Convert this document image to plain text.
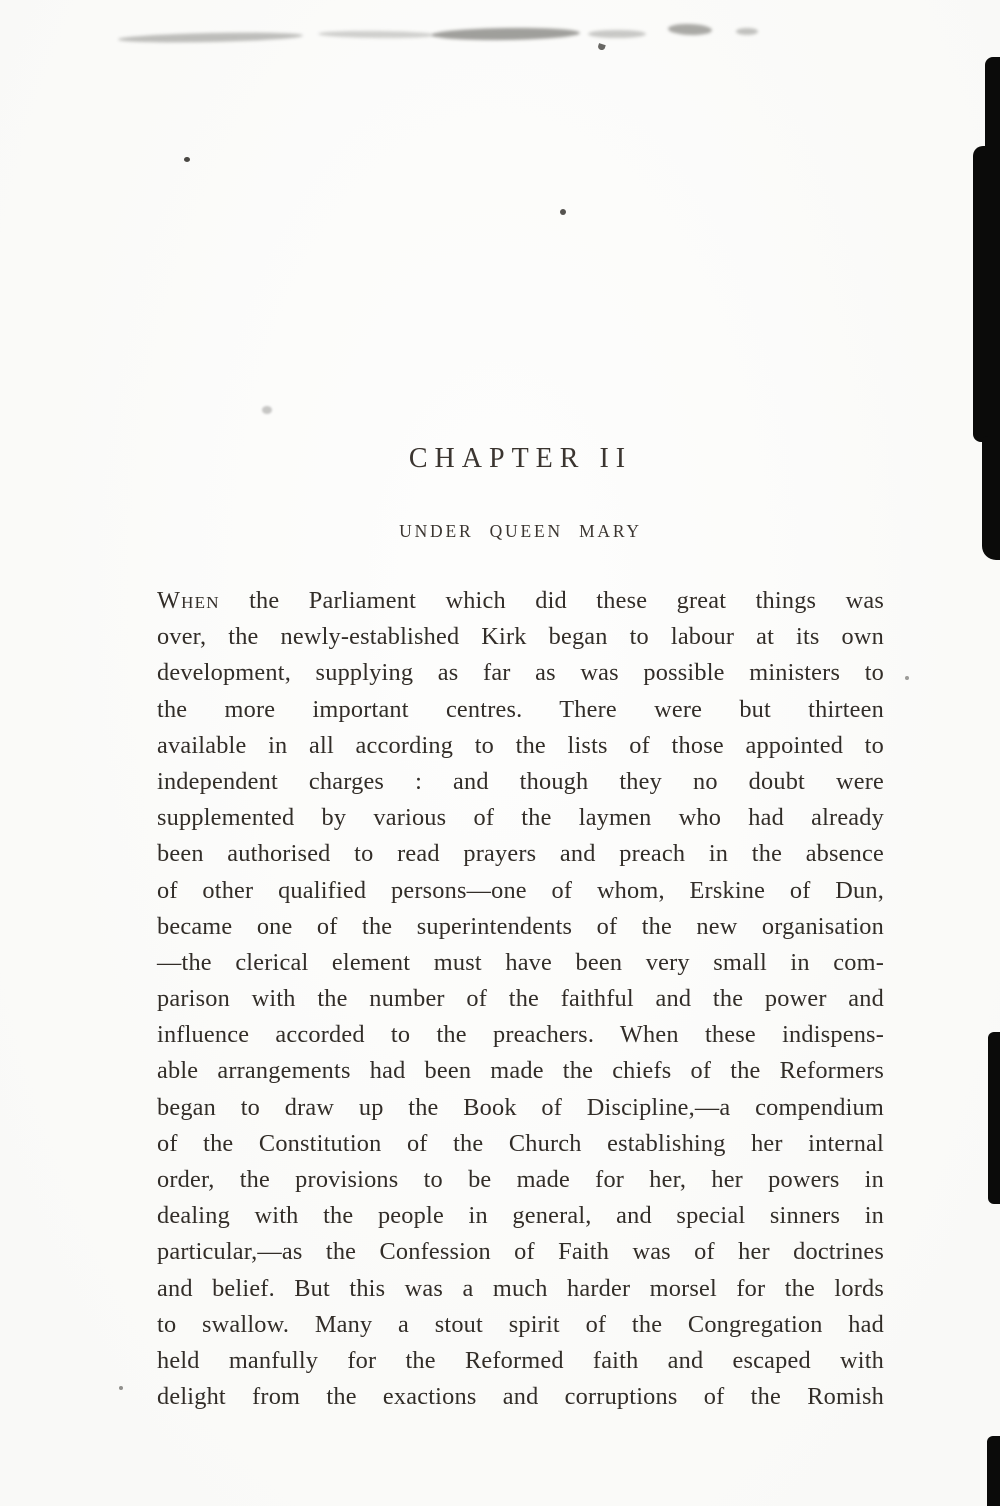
CHAPTER II
UNDER QUEEN MARY
When the Parliament which did these great things was
over, the newly-established Kirk began to labour at its own
development, supplying as far as was possible ministers to
the more important centres. There were but thirteen
available in all according to the lists of those appointed to
independent charges : and though they no doubt were
supplemented by various of the laymen who had already
been authorised to read prayers and preach in the absence
of other qualified persons—one of whom, Erskine of Dun,
became one of the superintendents of the new organisation
—the clerical element must have been very small in com-
parison with the number of the faithful and the power and
influence accorded to the preachers. When these indispens-
able arrangements had been made the chiefs of the Reformers
began to draw up the Book of Discipline,—a compendium
of the Constitution of the Church establishing her internal
order, the provisions to be made for her, her powers in
dealing with the people in general, and special sinners in
particular,—as the Confession of Faith was of her doctrines
and belief. But this was a much harder morsel for the lords
to swallow. Many a stout spirit of the Congregation had
held manfully for the Reformed faith and escaped with
delight from the exactions and corruptions of the Romish
